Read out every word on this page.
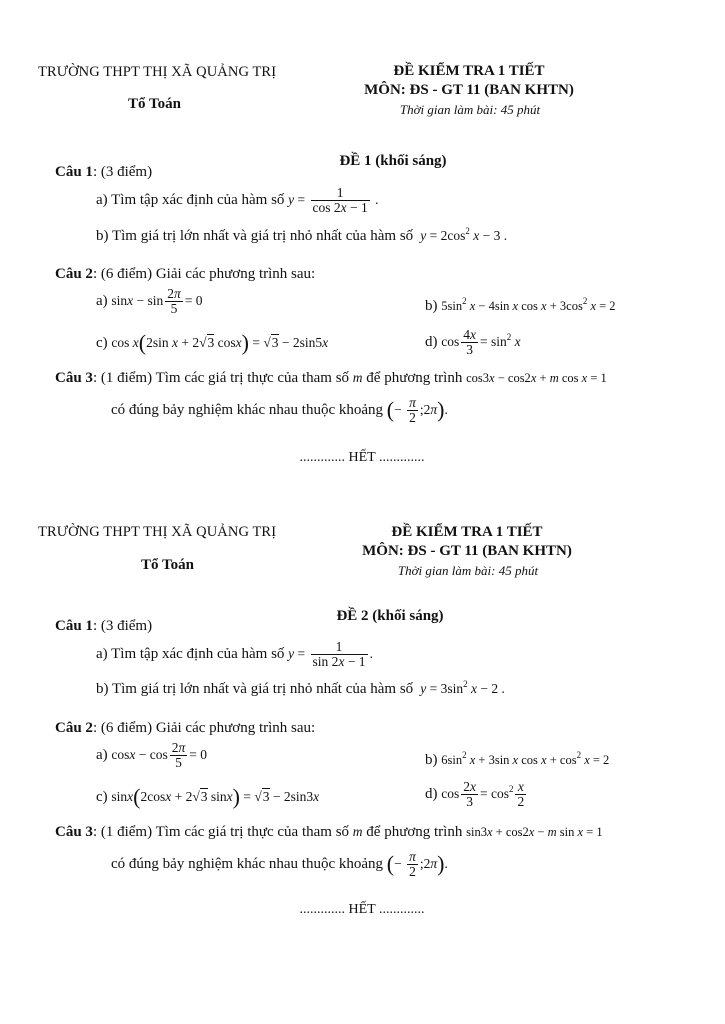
TRƯỜNG THPT THỊ XÃ QUẢNG TRỊ
Tổ Toán
ĐỀ KIỂM TRA 1 TIẾT
MÔN: ĐS - GT 11 (BAN KHTN)
Thời gian làm bài: 45 phút
ĐỀ 1 (khối sáng)
Câu 1: (3 điểm)
a) Tìm tập xác định của hàm số $y = \frac{1}{\cos 2x - 1}$ .
b) Tìm giá trị lớn nhất và giá trị nhỏ nhất của hàm số $y = 2\cos^2$ x − 3 .
Câu 2: (6 điểm) Giải các phương trình sau:
a) $\sin x - \sin \frac{2\pi}{5} = 0$	b) $5\sin^2$ x − 4sin x $\cos x + 3\cos^2$ x = 2
c) cos x(2sin x + 2√3 cosx) = √3 − 2sin5x	d) $\cos \frac{4x}{3} = \sin^2 x$
Câu 3: (1 điểm) Tìm các giá trị thực của tham số m để phương trình cos3x − cos2x + m cos x = 1
có đúng bảy nghiệm khác nhau thuộc khoảng (− $\frac{\pi}{2}$ ;2π).
............. HẾT .............
TRƯỜNG THPT THỊ XÃ QUẢNG TRỊ
Tổ Toán
ĐỀ KIỂM TRA 1 TIẾT
MÔN: ĐS - GT 11 (BAN KHTN)
Thời gian làm bài: 45 phút
ĐỀ 2 (khối sáng)
Câu 1: (3 điểm)
a) Tìm tập xác định của hàm số $y = \frac{1}{\sin 2x - 1}$ .
b) Tìm giá trị lớn nhất và giá trị nhỏ nhất của hàm số $y = 3\sin^2$ x − 2 .
Câu 2: (6 điểm) Giải các phương trình sau:
a) $\cos x - \cos \frac{2\pi}{5} = 0$	b) $6\sin^2$ x + 3sin x $\cos x + \cos^2 x = 2$
c) sinx(2cosx + 2√3 sinx) = √3 − 2sin3x	d) $\cos \frac{2x}{3} = \cos^2 \frac{x}{2}$
Câu 3: (1 điểm) Tìm các giá trị thực của tham số m để phương trình sin3x + cos2x − m sin x = 1
có đúng bảy nghiệm khác nhau thuộc khoảng (− $\frac{\pi}{2}$ ;2π).
............. HẾT .............
